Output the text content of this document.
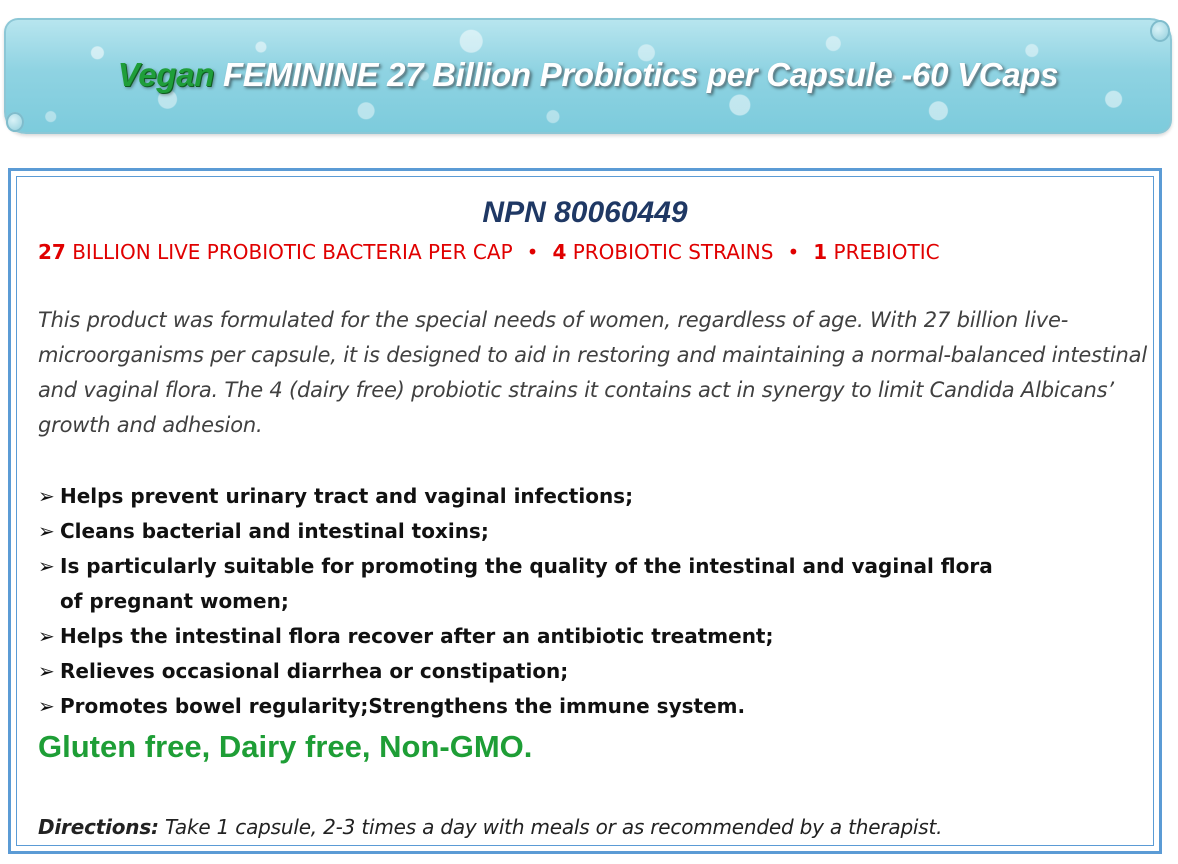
Vegan FEMININE 27 Billion Probiotics per Capsule -60 VCaps
NPN 80060449
27 BILLION LIVE PROBIOTIC BACTERIA PER CAP • 4 PROBIOTIC STRAINS • 1 PREBIOTIC
This product was formulated for the special needs of women, regardless of age. With 27 billion live-microorganisms per capsule, it is designed to aid in restoring and maintaining a normal-balanced intestinal and vaginal flora. The 4 (dairy free) probiotic strains it contains act in synergy to limit Candida Albicans’ growth and adhesion.
➢ Helps prevent urinary tract and vaginal infections;
➢ Cleans bacterial and intestinal toxins;
➢ Is particularly suitable for promoting the quality of the intestinal and vaginal flora of pregnant women;
➢ Helps the intestinal flora recover after an antibiotic treatment;
➢ Relieves occasional diarrhea or constipation;
➢ Promotes bowel regularity;Strengthens the immune system.
Gluten free, Dairy free, Non-GMO.
Directions: Take 1 capsule, 2-3 times a day with meals or as recommended by a therapist.
